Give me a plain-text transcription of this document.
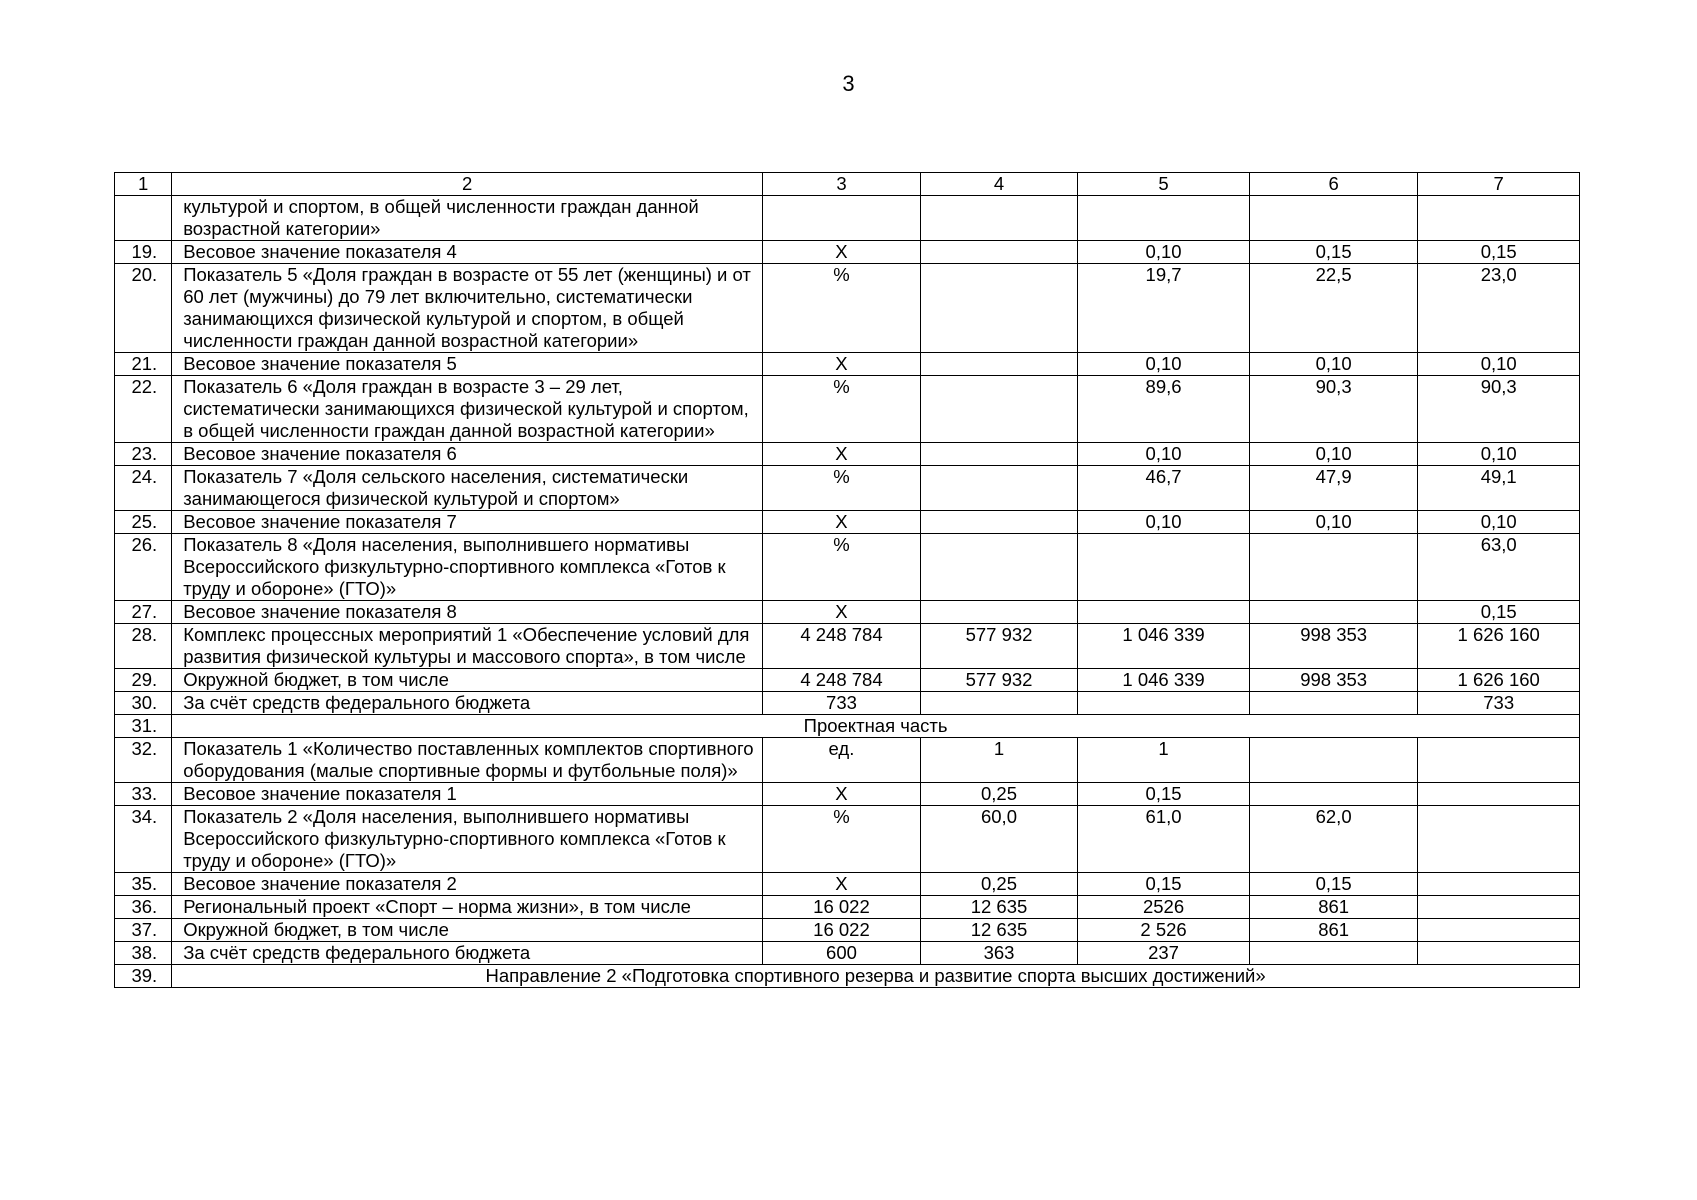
3
1	2	3	4	5	6	7
	культурой и спортом, в общей численности граждан данной возрастной категории»					
19.	Весовое значение показателя 4	Х		0,10	0,15	0,15
20.	Показатель 5 «Доля граждан в возрасте от 55 лет (женщины) и от 60 лет (мужчины) до 79 лет включительно, систематически занимающихся физической культурой и спортом, в общей численности граждан данной возрастной категории»	%		19,7	22,5	23,0
21.	Весовое значение показателя 5	Х		0,10	0,10	0,10
22.	Показатель 6 «Доля граждан в возрасте 3 – 29 лет, систематически занимающихся физической культурой и спортом, в общей численности граждан данной возрастной категории»	%		89,6	90,3	90,3
23.	Весовое значение показателя 6	Х		0,10	0,10	0,10
24.	Показатель 7 «Доля сельского населения, систематически занимающегося физической культурой и спортом»	%		46,7	47,9	49,1
25.	Весовое значение показателя 7	Х		0,10	0,10	0,10
26.	Показатель 8 «Доля населения, выполнившего нормативы Всероссийского физкультурно-спортивного комплекса «Готов к труду и обороне» (ГТО)»	%				63,0
27.	Весовое значение показателя 8	Х				0,15
28.	Комплекс процессных мероприятий 1 «Обеспечение условий для развития физической культуры и массового спорта», в том числе	4 248 784	577 932	1 046 339	998 353	1 626 160
29.	Окружной бюджет, в том числе	4 248 784	577 932	1 046 339	998 353	1 626 160
30.	За счёт средств федерального бюджета	733				733
31.	Проектная часть					
32.	Показатель 1 «Количество поставленных комплектов спортивного оборудования (малые спортивные формы и футбольные поля)»	ед.	1	1		
33.	Весовое значение показателя 1	Х	0,25	0,15		
34.	Показатель 2 «Доля населения, выполнившего нормативы Всероссийского физкультурно-спортивного комплекса «Готов к труду и обороне» (ГТО)»	%	60,0	61,0	62,0	
35.	Весовое значение показателя 2	Х	0,25	0,15	0,15	
36.	Региональный проект «Спорт – норма жизни», в том числе	16 022	12 635	2526	861	
37.	Окружной бюджет, в том числе	16 022	12 635	2 526	861	
38.	За счёт средств федерального бюджета	600	363	237		
39.	Направление 2 «Подготовка спортивного резерва и развитие спорта высших достижений»					
